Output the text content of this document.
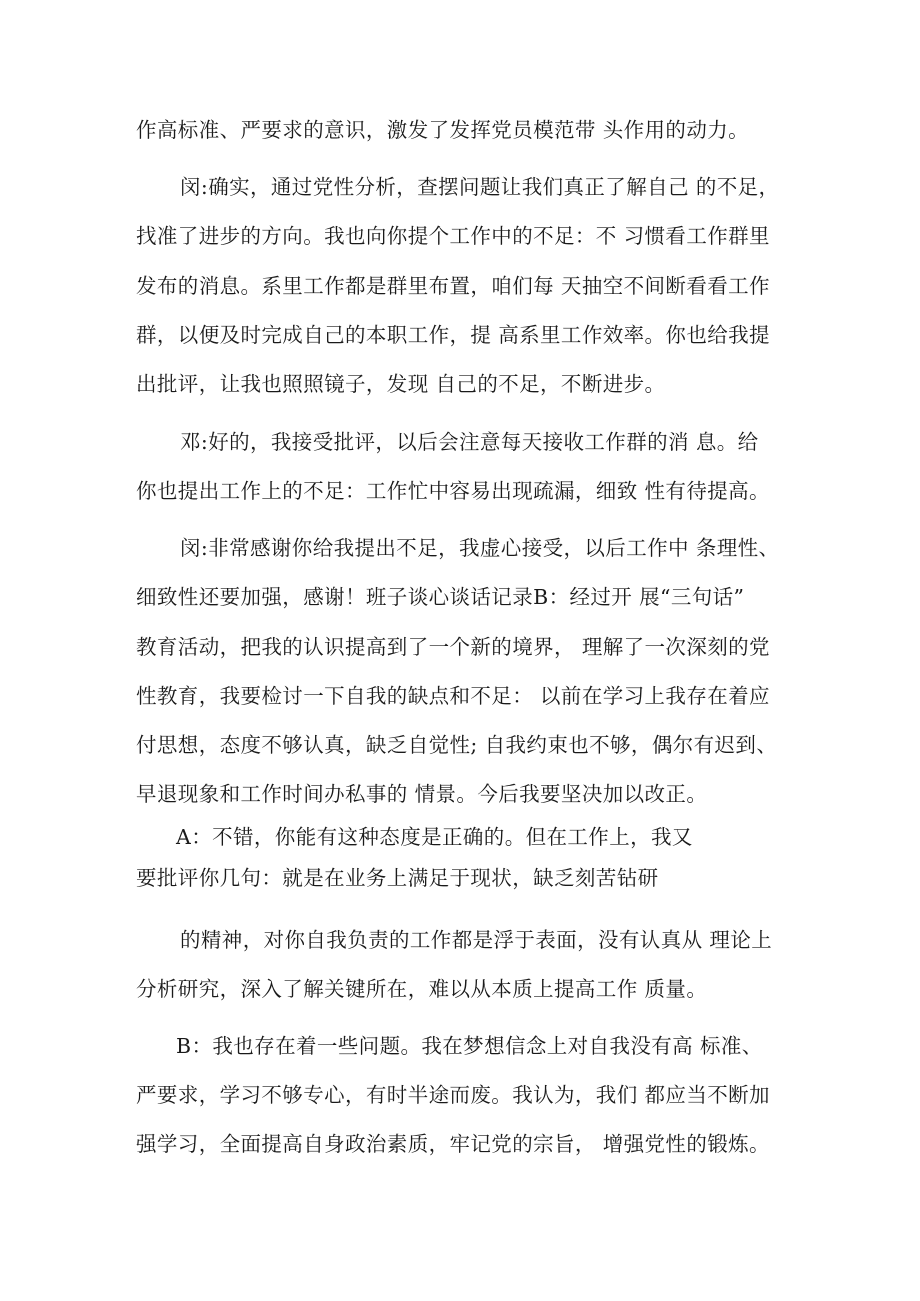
作高标准、严要求的意识，激发了发挥党员模范带 头作用的动力。
闵:确实，通过党性分析，查摆问题让我们真正了解自己 的不足，
找准了进步的方向。我也向你提个工作中的不足：不 习惯看工作群里
发布的消息。系里工作都是群里布置，咱们每 天抽空不间断看看工作
群，以便及时完成自己的本职工作，提 高系里工作效率。你也给我提
出批评，让我也照照镜子，发现 自己的不足，不断进步。
邓:好的，我接受批评，以后会注意每天接收工作群的消 息。给
你也提出工作上的不足：工作忙中容易出现疏漏，细致 性有待提高。
闵:非常感谢你给我提出不足，我虚心接受，以后工作中 条理性、
细致性还要加强，感谢！班子谈心谈话记录B：经过开 展“三句话”
教育活动，把我的认识提高到了一个新的境界， 理解了一次深刻的党
性教育，我要检讨一下自我的缺点和不足： 以前在学习上我存在着应
付思想，态度不够认真，缺乏自觉性; 自我约束也不够，偶尔有迟到、
早退现象和工作时间办私事的 情景。今后我要坚决加以改正。
A：不错，你能有这种态度是正确的。但在工作上，我又
要批评你几句：就是在业务上满足于现状，缺乏刻苦钻研
的精神，对你自我负责的工作都是浮于表面，没有认真从 理论上
分析研究，深入了解关键所在，难以从本质上提高工作 质量。
B：我也存在着一些问题。我在梦想信念上对自我没有高 标准、
严要求，学习不够专心，有时半途而废。我认为，我们 都应当不断加
强学习，全面提高自身政治素质，牢记党的宗旨， 增强党性的锻炼。
